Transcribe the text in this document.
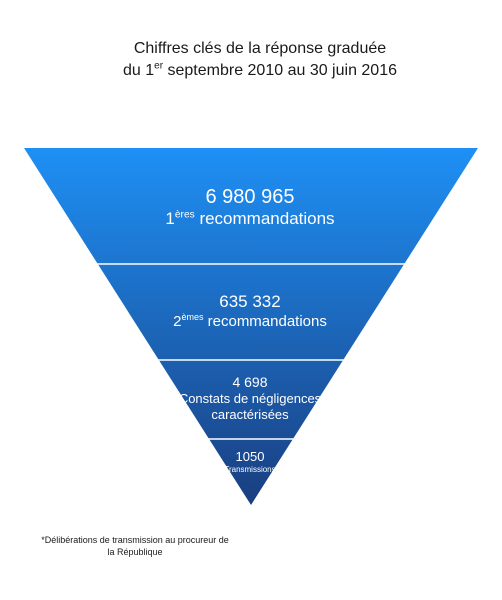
Chiffres clés de la réponse graduée
du 1er septembre 2010 au 30 juin 2016
6 980 965
1ères recommandations
635 332
2èmes recommandations
4 698
Constats de négligences
caractérisées
1050
Transmissions
*Délibérations de transmission au procureur de
la République
